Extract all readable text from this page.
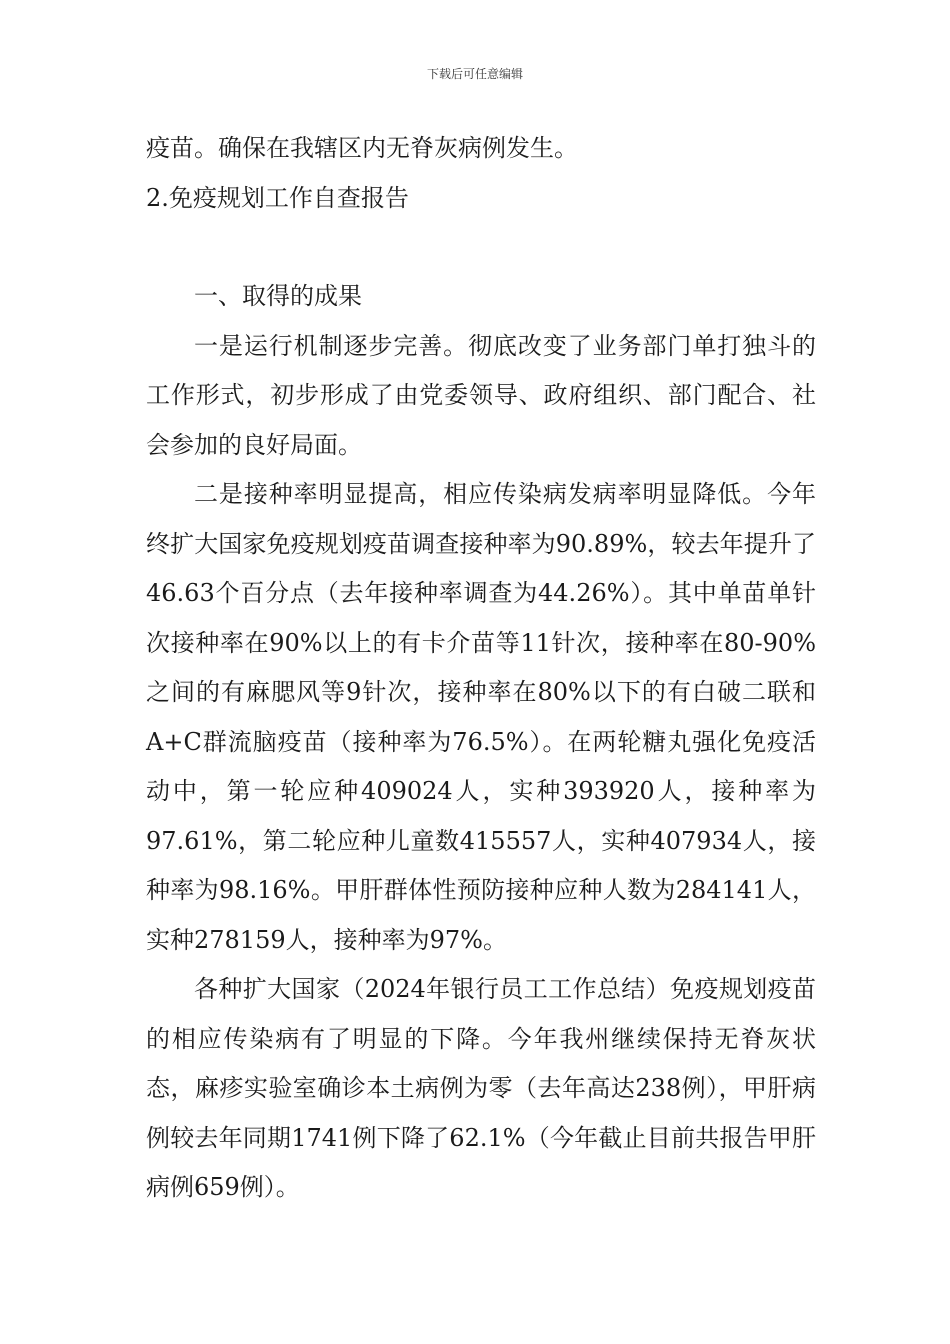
下载后可任意编辑

疫苗。确保在我辖区内无脊灰病例发生。

2.免疫规划工作自查报告

一、取得的成果

一是运行机制逐步完善。彻底改变了业务部门单打独斗的工作形式，初步形成了由党委领导、政府组织、部门配合、社会参加的良好局面。

二是接种率明显提高，相应传染病发病率明显降低。今年终扩大国家免疫规划疫苗调查接种率为90.89%，较去年提升了46.63个百分点（去年接种率调查为44.26%）。其中单苗单针次接种率在90%以上的有卡介苗等11针次，接种率在80-90%之间的有麻腮风等9针次，接种率在80%以下的有白破二联和A+C群流脑疫苗（接种率为76.5%）。在两轮糖丸强化免疫活动中，第一轮应种409024人，实种393920人，接种率为97.61%，第二轮应种儿童数415557人，实种407934人，接种率为98.16%。甲肝群体性预防接种应种人数为284141人，实种278159人，接种率为97%。

各种扩大国家（2024年银行员工工作总结）免疫规划疫苗的相应传染病有了明显的下降。今年我州继续保持无脊灰状态，麻疹实验室确诊本土病例为零（去年高达238例），甲肝病例较去年同期1741例下降了62.1%（今年截止目前共报告甲肝病例659例）。
